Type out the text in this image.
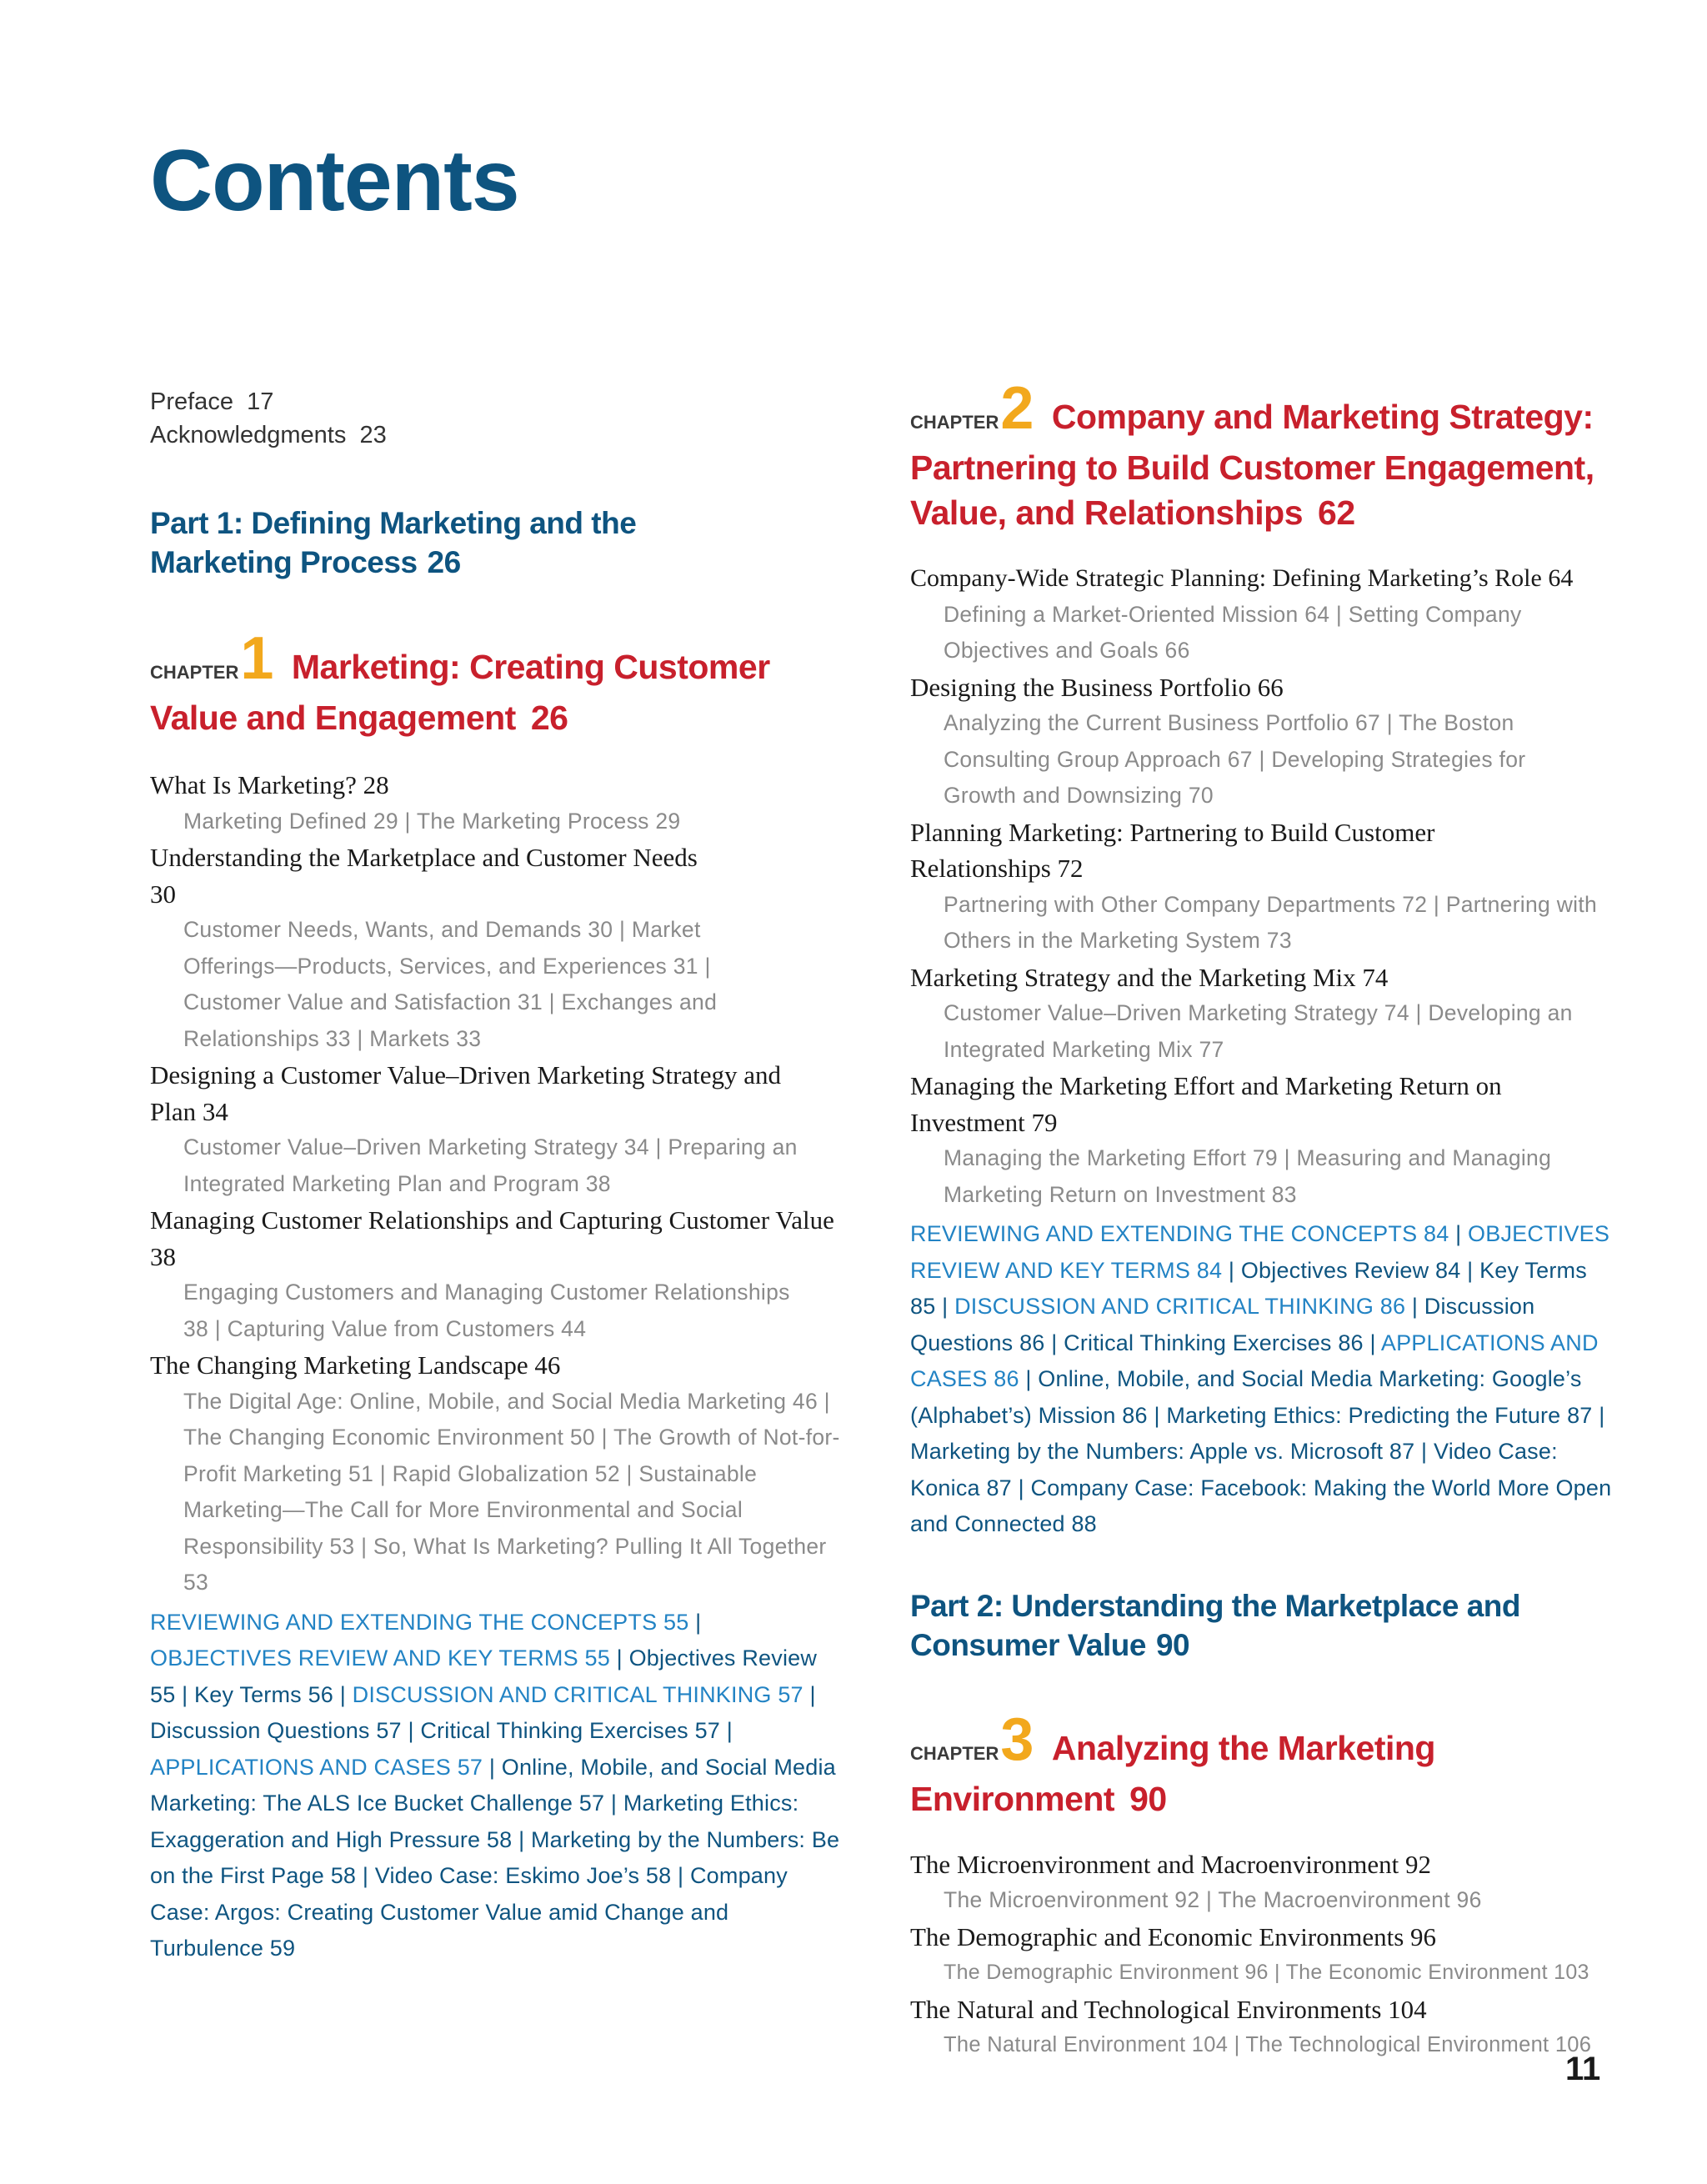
Contents
Preface 17
Acknowledgments 23
Part 1: Defining Marketing and the Marketing Process 26
CHAPTER1 Marketing: Creating Customer Value and Engagement 26
What Is Marketing? 28
Marketing Defined 29 | The Marketing Process 29
Understanding the Marketplace and Customer Needs 30
Customer Needs, Wants, and Demands 30 | Market Offerings—Products, Services, and Experiences 31 | Customer Value and Satisfaction 31 | Exchanges and Relationships 33 | Markets 33
Designing a Customer Value–Driven Marketing Strategy and Plan 34
Customer Value–Driven Marketing Strategy 34 | Preparing an Integrated Marketing Plan and Program 38
Managing Customer Relationships and Capturing Customer Value 38
Engaging Customers and Managing Customer Relationships 38 | Capturing Value from Customers 44
The Changing Marketing Landscape 46
The Digital Age: Online, Mobile, and Social Media Marketing 46 | The Changing Economic Environment 50 | The Growth of Not-for-Profit Marketing 51 | Rapid Globalization 52 | Sustainable Marketing—The Call for More Environmental and Social Responsibility 53 | So, What Is Marketing? Pulling It All Together 53
REVIEWING AND EXTENDING THE CONCEPTS 55 | OBJECTIVES REVIEW AND KEY TERMS 55 | Objectives Review 55 | Key Terms 56 | DISCUSSION AND CRITICAL THINKING 57 | Discussion Questions 57 | Critical Thinking Exercises 57 | APPLICATIONS AND CASES 57 | Online, Mobile, and Social Media Marketing: The ALS Ice Bucket Challenge 57 | Marketing Ethics: Exaggeration and High Pressure 58 | Marketing by the Numbers: Be on the First Page 58 | Video Case: Eskimo Joe’s 58 | Company Case: Argos: Creating Customer Value amid Change and Turbulence 59
CHAPTER2 Company and Marketing Strategy: Partnering to Build Customer Engagement, Value, and Relationships 62
Company-Wide Strategic Planning: Defining Marketing’s Role 64
Defining a Market-Oriented Mission 64 | Setting Company Objectives and Goals 66
Designing the Business Portfolio 66
Analyzing the Current Business Portfolio 67 | The Boston Consulting Group Approach 67 | Developing Strategies for Growth and Downsizing 70
Planning Marketing: Partnering to Build Customer Relationships 72
Partnering with Other Company Departments 72 | Partnering with Others in the Marketing System 73
Marketing Strategy and the Marketing Mix 74
Customer Value–Driven Marketing Strategy 74 | Developing an Integrated Marketing Mix 77
Managing the Marketing Effort and Marketing Return on Investment 79
Managing the Marketing Effort 79 | Measuring and Managing Marketing Return on Investment 83
REVIEWING AND EXTENDING THE CONCEPTS 84 | OBJECTIVES REVIEW AND KEY TERMS 84 | Objectives Review 84 | Key Terms 85 | DISCUSSION AND CRITICAL THINKING 86 | Discussion Questions 86 | Critical Thinking Exercises 86 | APPLICATIONS AND CASES 86 | Online, Mobile, and Social Media Marketing: Google’s (Alphabet’s) Mission 86 | Marketing Ethics: Predicting the Future 87 | Marketing by the Numbers: Apple vs. Microsoft 87 | Video Case: Konica 87 | Company Case: Facebook: Making the World More Open and Connected 88
Part 2: Understanding the Marketplace and Consumer Value 90
CHAPTER3 Analyzing the Marketing Environment 90
The Microenvironment and Macroenvironment 92
The Microenvironment 92 | The Macroenvironment 96
The Demographic and Economic Environments 96
The Demographic Environment 96 | The Economic Environment 103
The Natural and Technological Environments 104
The Natural Environment 104 | The Technological Environment 106
11
